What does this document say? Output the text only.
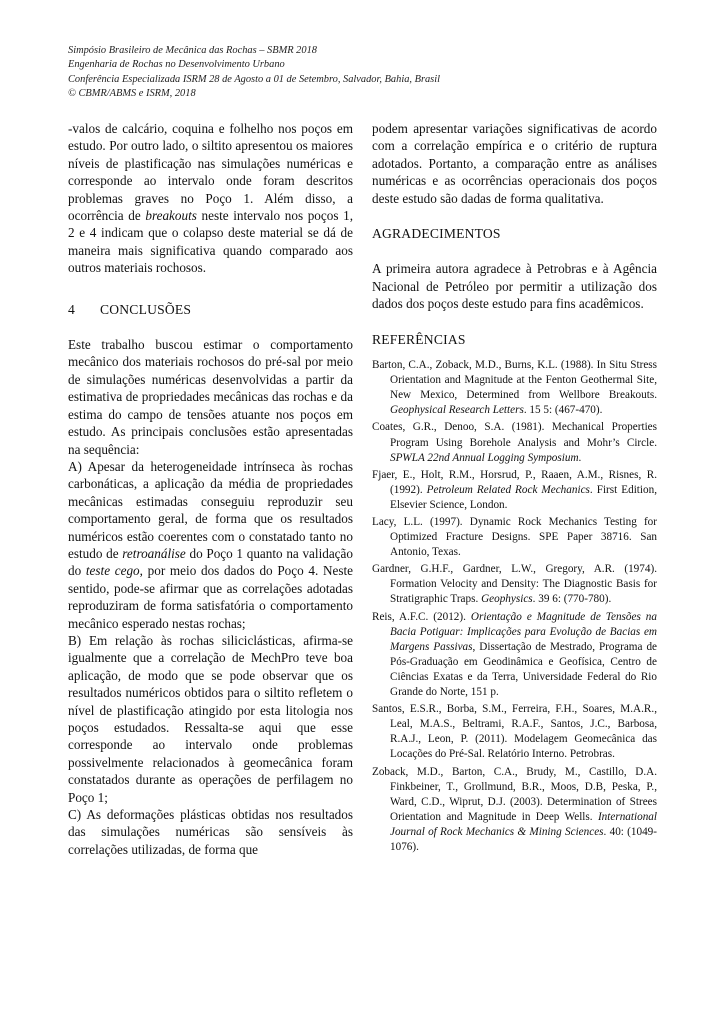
Simpósio Brasileiro de Mecânica das Rochas – SBMR 2018
Engenharia de Rochas no Desenvolvimento Urbano
Conferência Especializada ISRM 28 de Agosto a 01 de Setembro, Salvador, Bahia, Brasil
© CBMR/ABMS e ISRM, 2018

-valos de calcário, coquina e folhelho nos poços em estudo. Por outro lado, o siltito apresentou os maiores níveis de plastificação nas simulações numéricas e corresponde ao intervalo onde foram descritos problemas graves no Poço 1. Além disso, a ocorrência de breakouts neste intervalo nos poços 1, 2 e 4 indicam que o colapso deste material se dá de maneira mais significativa quando comparado aos outros materiais rochosos.

4 CONCLUSÕES

Este trabalho buscou estimar o comportamento mecânico dos materiais rochosos do pré-sal por meio de simulações numéricas desenvolvidas a partir da estimativa de propriedades mecânicas das rochas e da estima do campo de tensões atuante nos poços em estudo. As principais conclusões estão apresentadas na sequência:

A) Apesar da heterogeneidade intrínseca às rochas carbonáticas, a aplicação da média de propriedades mecânicas estimadas conseguiu reproduzir seu comportamento geral, de forma que os resultados numéricos estão coerentes com o constatado tanto no estudo de retroanálise do Poço 1 quanto na validação do teste cego, por meio dos dados do Poço 4. Neste sentido, pode-se afirmar que as correlações adotadas reproduziram de forma satisfatória o comportamento mecânico esperado nestas rochas;

B) Em relação às rochas siliciclásticas, afirma-se igualmente que a correlação de MechPro teve boa aplicação, de modo que se pode observar que os resultados numéricos obtidos para o siltito refletem o nível de plastificação atingido por esta litologia nos poços estudados. Ressalta-se aqui que esse corresponde ao intervalo onde problemas possivelmente relacionados à geomecânica foram constatados durante as operações de perfilagem no Poço 1;

C) As deformações plásticas obtidas nos resultados das simulações numéricas são sensíveis às correlações utilizadas, de forma que

podem apresentar variações significativas de acordo com a correlação empírica e o critério de ruptura adotados. Portanto, a comparação entre as análises numéricas e as ocorrências operacionais dos poços deste estudo são dadas de forma qualitativa.

AGRADECIMENTOS

A primeira autora agradece à Petrobras e à Agência Nacional de Petróleo por permitir a utilização dos dados dos poços deste estudo para fins acadêmicos.

REFERÊNCIAS

Barton, C.A., Zoback, M.D., Burns, K.L. (1988). In Situ Stress Orientation and Magnitude at the Fenton Geothermal Site, New Mexico, Determined from Wellbore Breakouts. Geophysical Research Letters. 15 5: (467-470).

Coates, G.R., Denoo, S.A. (1981). Mechanical Properties Program Using Borehole Analysis and Mohr’s Circle. SPWLA 22nd Annual Logging Symposium.

Fjaer, E., Holt, R.M., Horsrud, P., Raaen, A.M., Risnes, R. (1992). Petroleum Related Rock Mechanics. First Edition, Elsevier Science, London.

Lacy, L.L. (1997). Dynamic Rock Mechanics Testing for Optimized Fracture Designs. SPE Paper 38716. San Antonio, Texas.

Gardner, G.H.F., Gardner, L.W., Gregory, A.R. (1974). Formation Velocity and Density: The Diagnostic Basis for Stratigraphic Traps. Geophysics. 39 6: (770-780).

Reis, A.F.C. (2012). Orientação e Magnitude de Tensões na Bacia Potiguar: Implicações para Evolução de Bacias em Margens Passivas, Dissertação de Mestrado, Programa de Pós-Graduação em Geodinâmica e Geofísica, Centro de Ciências Exatas e da Terra, Universidade Federal do Rio Grande do Norte, 151 p.

Santos, E.S.R., Borba, S.M., Ferreira, F.H., Soares, M.A.R., Leal, M.A.S., Beltrami, R.A.F., Santos, J.C., Barbosa, R.A.J., Leon, P. (2011). Modelagem Geomecânica das Locações do Pré-Sal. Relatório Interno. Petrobras.

Zoback, M.D., Barton, C.A., Brudy, M., Castillo, D.A. Finkbeiner, T., Grollmund, B.R., Moos, D.B, Peska, P., Ward, C.D., Wiprut, D.J. (2003). Determination of Strees Orientation and Magnitude in Deep Wells. International Journal of Rock Mechanics & Mining Sciences. 40: (1049-1076).
